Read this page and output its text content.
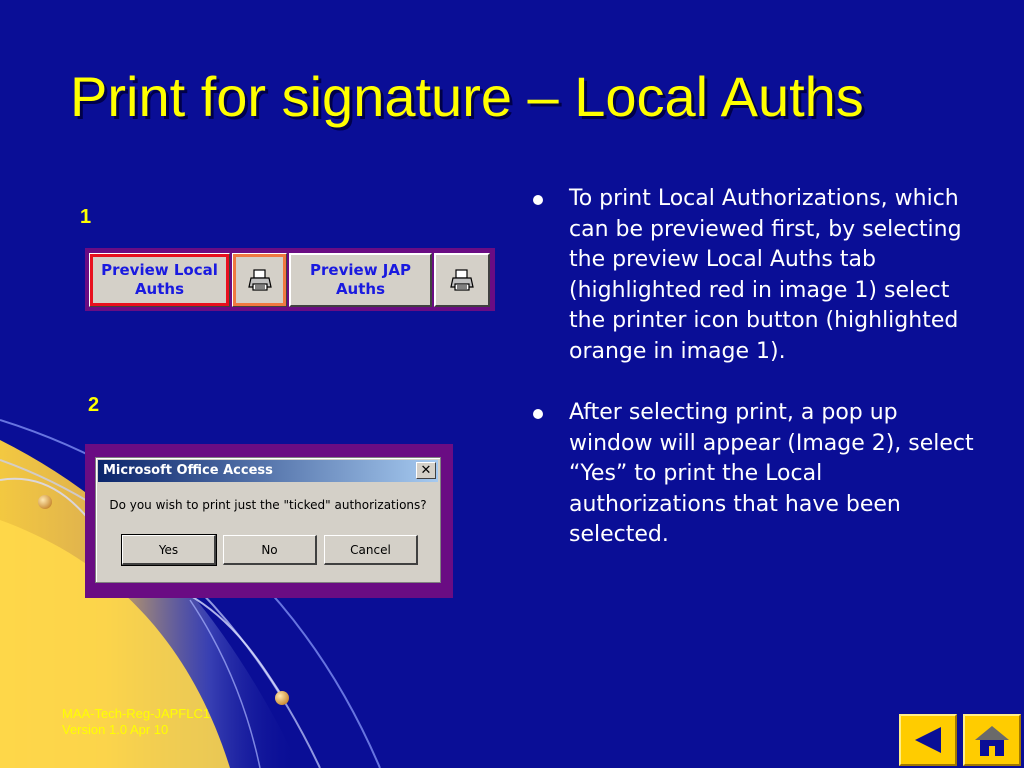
Print for signature – Local Auths
1
Preview Local
Auths
Preview JAP
Auths
2
Microsoft Office Access	✕
Do you wish to print just the "ticked" authorizations?
Yes	No	Cancel
To print Local Authorizations, which can be previewed first, by selecting the preview Local Auths tab (highlighted red in image 1) select the printer icon button (highlighted orange in image 1).
After selecting print, a pop up window will appear (Image 2), select “Yes” to print the Local authorizations that have been selected.
MAA-Tech-Reg-JAPFLC1
Version 1.0 Apr 10
